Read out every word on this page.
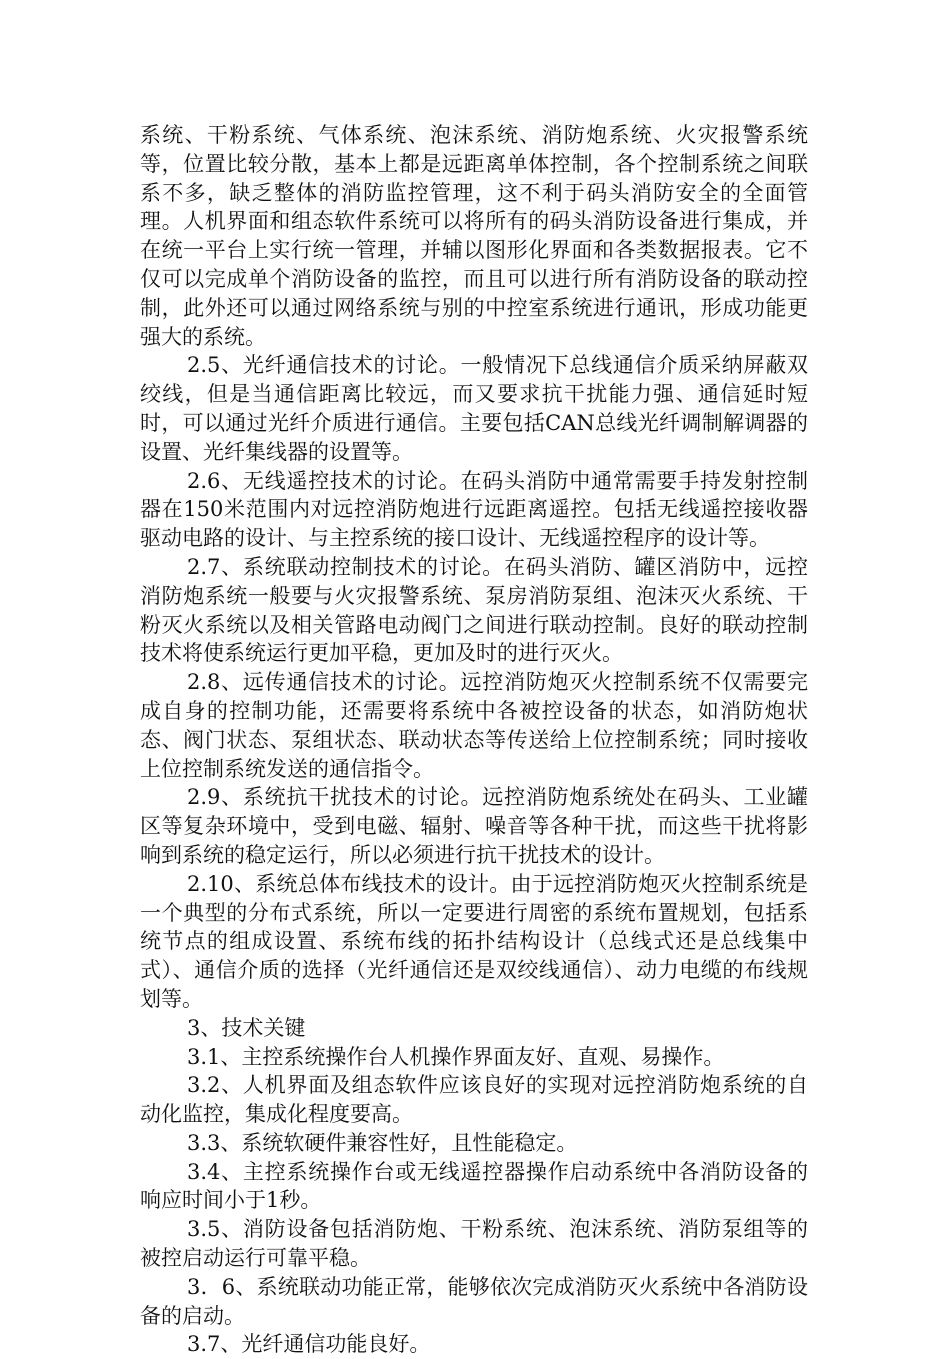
系统、干粉系统、气体系统、泡沫系统、消防炮系统、火灾报警系统等，位置比较分散，基本上都是远距离单体控制，各个控制系统之间联系不多，缺乏整体的消防监控管理，这不利于码头消防安全的全面管理。人机界面和组态软件系统可以将所有的码头消防设备进行集成，并在统一平台上实行统一管理，并辅以图形化界面和各类数据报表。它不仅可以完成单个消防设备的监控，而且可以进行所有消防设备的联动控制，此外还可以通过网络系统与别的中控室系统进行通讯，形成功能更强大的系统。

2.5、光纤通信技术的讨论。一般情况下总线通信介质采纳屏蔽双绞线，但是当通信距离比较远，而又要求抗干扰能力强、通信延时短时，可以通过光纤介质进行通信。主要包括CAN总线光纤调制解调器的设置、光纤集线器的设置等。

2.6、无线遥控技术的讨论。在码头消防中通常需要手持发射控制器在150米范围内对远控消防炮进行远距离遥控。包括无线遥控接收器驱动电路的设计、与主控系统的接口设计、无线遥控程序的设计等。

2.7、系统联动控制技术的讨论。在码头消防、罐区消防中，远控消防炮系统一般要与火灾报警系统、泵房消防泵组、泡沫灭火系统、干粉灭火系统以及相关管路电动阀门之间进行联动控制。良好的联动控制技术将使系统运行更加平稳，更加及时的进行灭火。

2.8、远传通信技术的讨论。远控消防炮灭火控制系统不仅需要完成自身的控制功能，还需要将系统中各被控设备的状态，如消防炮状态、阀门状态、泵组状态、联动状态等传送给上位控制系统；同时接收上位控制系统发送的通信指令。

2.9、系统抗干扰技术的讨论。远控消防炮系统处在码头、工业罐区等复杂环境中，受到电磁、辐射、噪音等各种干扰，而这些干扰将影响到系统的稳定运行，所以必须进行抗干扰技术的设计。

2.10、系统总体布线技术的设计。由于远控消防炮灭火控制系统是一个典型的分布式系统，所以一定要进行周密的系统布置规划，包括系统节点的组成设置、系统布线的拓扑结构设计（总线式还是总线集中式）、通信介质的选择（光纤通信还是双绞线通信）、动力电缆的布线规划等。

3、技术关键

3.1、主控系统操作台人机操作界面友好、直观、易操作。

3.2、人机界面及组态软件应该良好的实现对远控消防炮系统的自动化监控，集成化程度要高。

3.3、系统软硬件兼容性好，且性能稳定。

3.4、主控系统操作台或无线遥控器操作启动系统中各消防设备的响应时间小于1秒。

3.5、消防设备包括消防炮、干粉系统、泡沫系统、消防泵组等的被控启动运行可靠平稳。

3．6、系统联动功能正常，能够依次完成消防灭火系统中各消防设备的启动。

3.7、光纤通信功能良好。
